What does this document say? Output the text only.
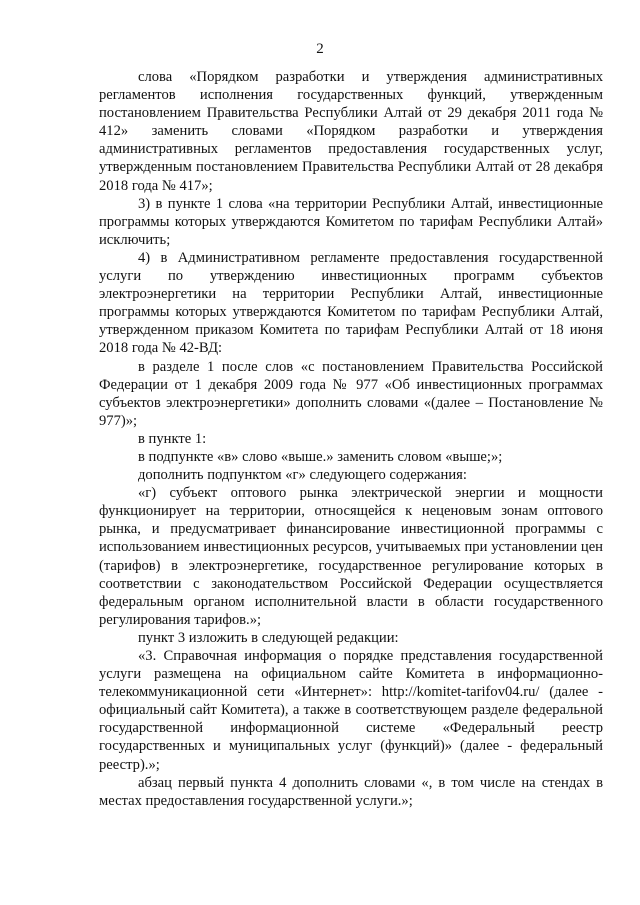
2

слова «Порядком разработки и утверждения административных регламентов исполнения государственных функций, утвержденным постановлением Правительства Республики Алтай от 29 декабря 2011 года № 412» заменить словами «Порядком разработки и утверждения административных регламентов предоставления государственных услуг, утвержденным постановлением Правительства Республики Алтай от 28 декабря 2018 года № 417»;

3) в пункте 1 слова «на территории Республики Алтай, инвестиционные программы которых утверждаются Комитетом по тарифам Республики Алтай» исключить;

4) в Административном регламенте предоставления государственной услуги по утверждению инвестиционных программ субъектов электроэнергетики на территории Республики Алтай, инвестиционные программы которых утверждаются Комитетом по тарифам Республики Алтай, утвержденном приказом Комитета по тарифам Республики Алтай от 18 июня 2018 года № 42-ВД:

в разделе 1 после слов «с постановлением Правительства Российской Федерации от 1 декабря 2009 года № 977 «Об инвестиционных программах субъектов электроэнергетики» дополнить словами «(далее – Постановление № 977)»;

в пункте 1:

в подпункте «в» слово «выше.» заменить словом «выше;»;

дополнить подпунктом «г» следующего содержания:

«г) субъект оптового рынка электрической энергии и мощности функционирует на территории, относящейся к неценовым зонам оптового рынка, и предусматривает финансирование инвестиционной программы с использованием инвестиционных ресурсов, учитываемых при установлении цен (тарифов) в электроэнергетике, государственное регулирование которых в соответствии с законодательством Российской Федерации осуществляется федеральным органом исполнительной власти в области государственного регулирования тарифов.»;

пункт 3 изложить в следующей редакции:

«3. Справочная информация о порядке представления государственной услуги размещена на официальном сайте Комитета в информационно-телекоммуникационной сети «Интернет»: http://komitet-tarifov04.ru/ (далее - официальный сайт Комитета), а также в соответствующем разделе федеральной государственной информационной системе «Федеральный реестр государственных и муниципальных услуг (функций)» (далее - федеральный реестр).»;

абзац первый пункта 4 дополнить словами «, в том числе на стендах в местах предоставления государственной услуги.»;
